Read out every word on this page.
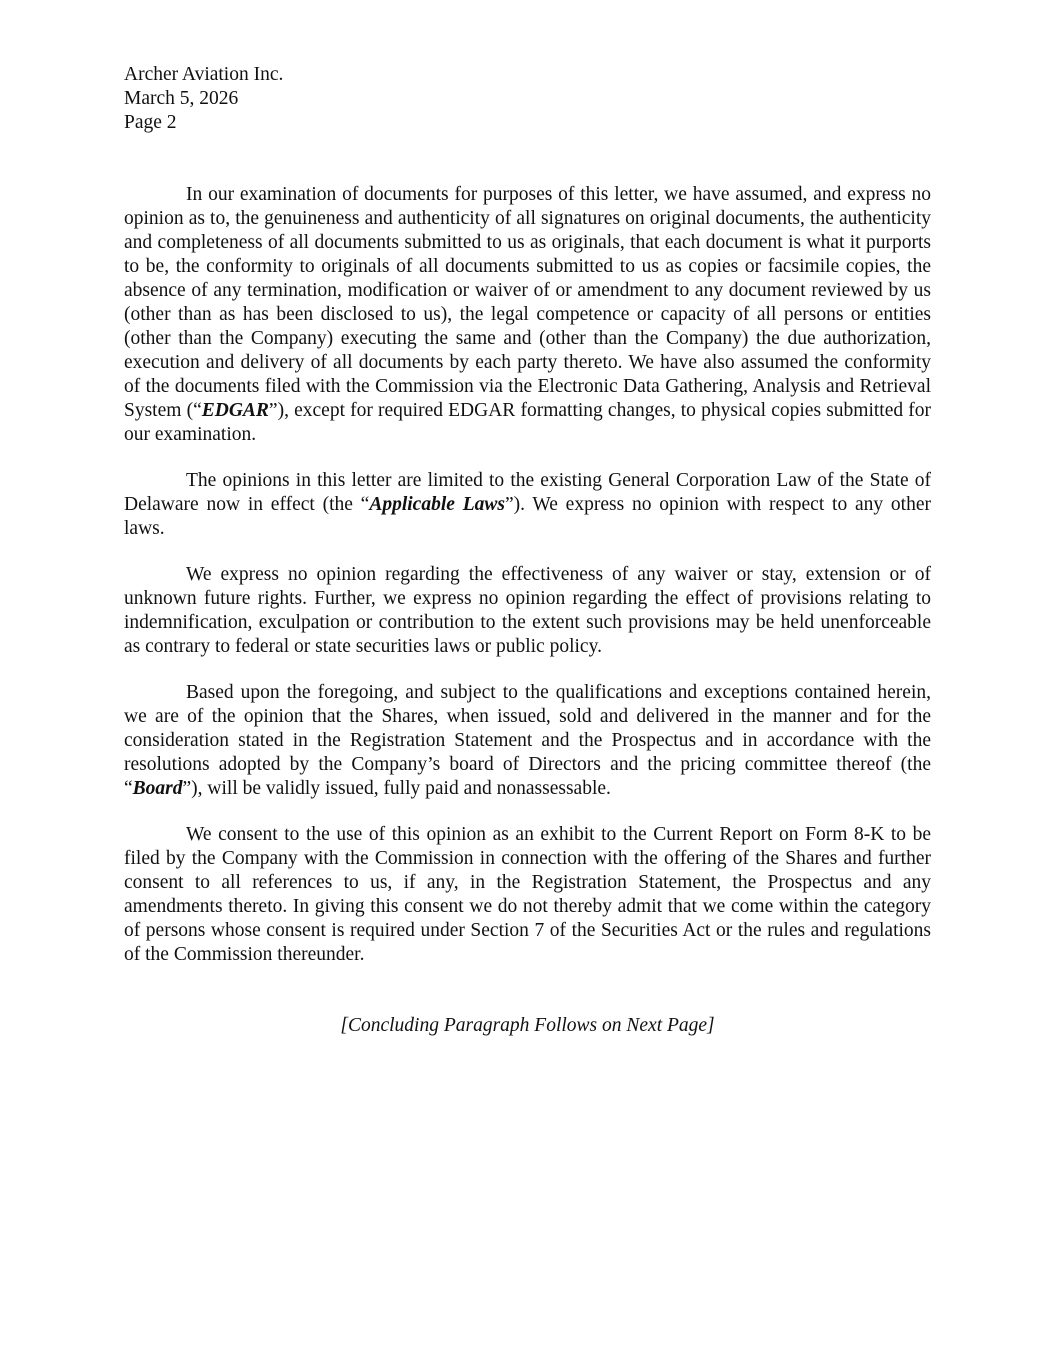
Archer Aviation Inc.

March 5, 2026

Page 2

In our examination of documents for purposes of this letter, we have assumed, and express no opinion as to, the genuineness and authenticity of all signatures on original documents, the authenticity and completeness of all documents submitted to us as originals, that each document is what it purports to be, the conformity to originals of all documents submitted to us as copies or facsimile copies, the absence of any termination, modification or waiver of or amendment to any document reviewed by us (other than as has been disclosed to us), the legal competence or capacity of all persons or entities (other than the Company) executing the same and (other than the Company) the due authorization, execution and delivery of all documents by each party thereto. We have also assumed the conformity of the documents filed with the Commission via the Electronic Data Gathering, Analysis and Retrieval System (“EDGAR”), except for required EDGAR formatting changes, to physical copies submitted for our examination.

The opinions in this letter are limited to the existing General Corporation Law of the State of Delaware now in effect (the “Applicable Laws”). We express no opinion with respect to any other laws.

We express no opinion regarding the effectiveness of any waiver or stay, extension or of unknown future rights. Further, we express no opinion regarding the effect of provisions relating to indemnification, exculpation or contribution to the extent such provisions may be held unenforceable as contrary to federal or state securities laws or public policy.

Based upon the foregoing, and subject to the qualifications and exceptions contained herein, we are of the opinion that the Shares, when issued, sold and delivered in the manner and for the consideration stated in the Registration Statement and the Prospectus and in accordance with the resolutions adopted by the Company’s board of Directors and the pricing committee thereof (the “Board”), will be validly issued, fully paid and nonassessable.

We consent to the use of this opinion as an exhibit to the Current Report on Form 8-K to be filed by the Company with the Commission in connection with the offering of the Shares and further consent to all references to us, if any, in the Registration Statement, the Prospectus and any amendments thereto. In giving this consent we do not thereby admit that we come within the category of persons whose consent is required under Section 7 of the Securities Act or the rules and regulations of the Commission thereunder.

[Concluding Paragraph Follows on Next Page]
